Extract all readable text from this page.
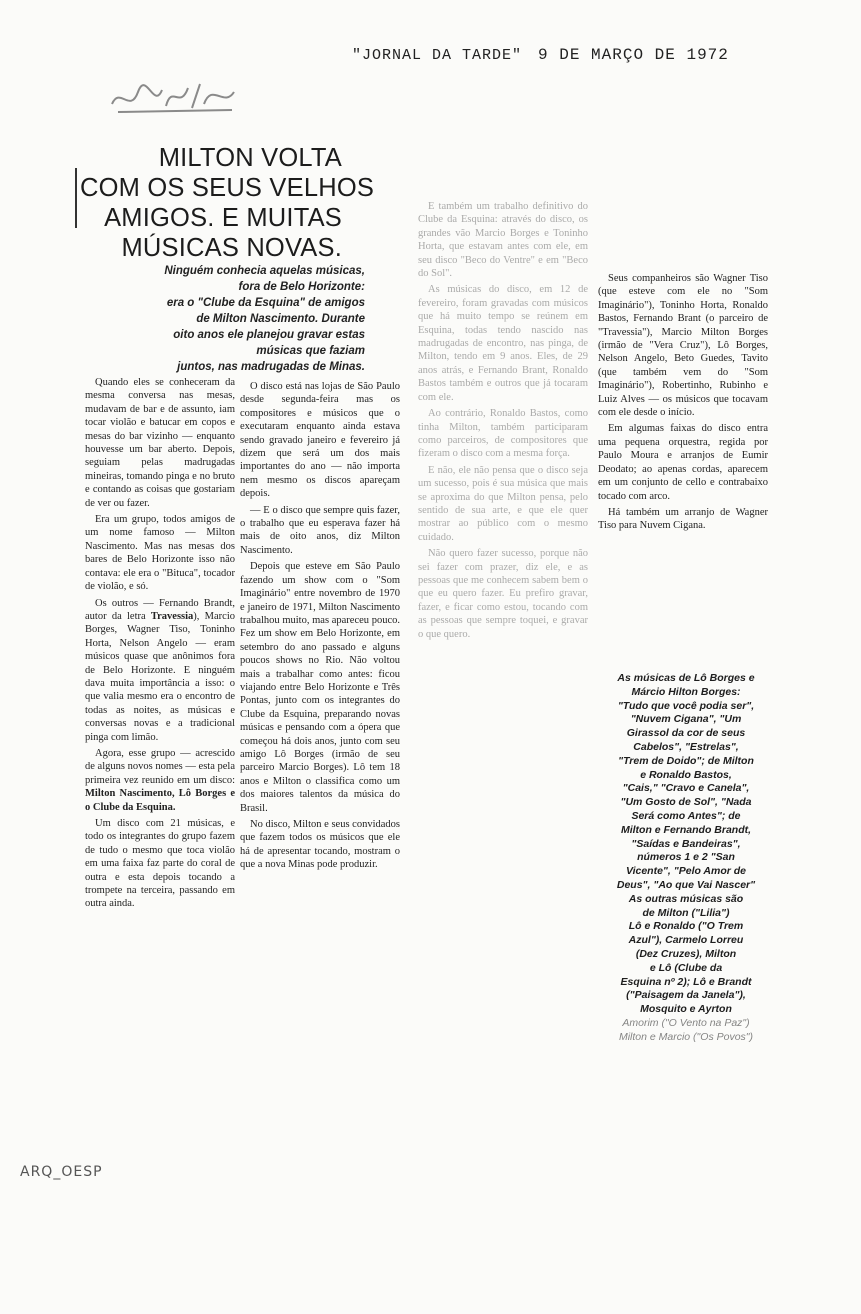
"JORNAL DA TARDE" 9 DE MARÇO DE 1972
MILTON VOLTA
COM OS SEUS VELHOS
AMIGOS. E MUITAS
MÚSICAS NOVAS.
Ninguém conhecia aquelas músicas,
fora de Belo Horizonte:
era o "Clube da Esquina" de amigos
de Milton Nascimento. Durante
oito anos ele planejou gravar estas
músicas que faziam
juntos, nas madrugadas de Minas.

Quando eles se conheceram da mesma conversa nas mesas, mudavam de bar e de assunto, iam tocar violão e batucar em copos e mesas do bar vizinho — enquanto houvesse um bar aberto. Depois, seguiam pelas madrugadas mineiras, tomando pinga e no bruto e contando as coisas que gostariam de ver ou fazer.

Era um grupo, todos amigos de um nome famoso — Milton Nascimento. Mas nas mesas dos bares de Belo Horizonte isso não contava: ele era o "Bituca", tocador de violão, e só.

Os outros — Fernando Brandt, autor da letra Travessia), Marcio Borges, Wagner Tiso, Toninho Horta, Nelson Angelo — eram músicos quase que anônimos fora de Belo Horizonte. E ninguém dava muita importância a isso: o que valia mesmo era o encontro de todas as noites, as músicas e conversas novas e a tradicional pinga com limão.

Agora, esse grupo — acrescido de alguns novos nomes — esta pela primeira vez reunido em um disco: Milton Nascimento, Lô Borges e o Clube da Esquina.

Um disco com 21 músicas, e todo os integrantes do grupo fazem de tudo o mesmo que toca violão em uma faixa faz parte do coral de outra e esta depois tocando a trompete na terceira, passando em outra ainda.

O disco está nas lojas de São Paulo desde segunda-feira mas os compositores e músicos que o executaram enquanto ainda estava sendo gravado janeiro e fevereiro já dizem que será um dos mais importantes do ano — não importa nem mesmo os discos apareçam depois.

— E o disco que sempre quis fazer, o trabalho que eu esperava fazer há mais de oito anos, diz Milton Nascimento.

Depois que esteve em São Paulo fazendo um show com o "Som Imaginário" entre novembro de 1970 e janeiro de 1971, Milton Nascimento trabalhou muito, mas apareceu pouco. Fez um show em Belo Horizonte, em setembro do ano passado e alguns poucos shows no Rio. Não voltou mais a trabalhar como antes: ficou viajando entre Belo Horizonte e Três Pontas, junto com os integrantes do Clube da Esquina, preparando novas músicas e pensando com a ópera que começou há dois anos, junto com seu amigo Lô Borges (irmão de seu parceiro Marcio Borges). Lô tem 18 anos e Milton o classifica como um dos maiores talentos da música do Brasil.

No disco, Milton e seus convidados que fazem todos os músicos que ele há de apresentar tocando, mostram o que a nova Minas pode produzir.

E também um trabalho definitivo do Clube da Esquina: através do disco, os grandes vão Marcio Borges e Toninho Horta, que estavam antes com ele, em seu disco "Beco do Ventre" e em "Beco do Sol".

As músicas do disco, em 12 de fevereiro, foram gravadas com músicos que há muito tempo se reúnem em Esquina, todas tendo nascido nas madrugadas de encontro, nas pinga, de Milton, tendo em 9 anos. Eles, de 29 anos atrás, e Fernando Brant, Ronaldo Bastos também e outros que já tocaram com ele.

Ao contrário, Ronaldo Bastos, como tinha Milton, também participaram como parceiros, de compositores que fizeram o disco com a mesma força.

E não, ele não pensa que o disco seja um sucesso, pois é sua música que mais se aproxima do que Milton pensa, pelo sentido de sua arte, e que ele quer mostrar ao público com o mesmo cuidado.

Não quero fazer sucesso, porque não sei fazer com prazer, diz ele, e as pessoas que me conhecem sabem bem o que eu quero fazer. Eu prefiro gravar, fazer, e ficar como estou, tocando com as pessoas que sempre toquei, e gravar o que quero.

Seus companheiros são Wagner Tiso (que esteve com ele no "Som Imaginário"), Toninho Horta, Ronaldo Bastos, Fernando Brant (o parceiro de "Travessia"), Marcio Milton Borges (irmão de "Vera Cruz"), Lô Borges, Nelson Angelo, Beto Guedes, Tavito (que também vem do "Som Imaginário"), Robertinho, Rubinho e Luiz Alves — os músicos que tocavam com ele desde o início.

Em algumas faixas do disco entra uma pequena orquestra, regida por Paulo Moura e arranjos de Eumir Deodato; ao apenas cordas, aparecem em um conjunto de cello e contrabaixo tocado com arco.

Há também um arranjo de Wagner Tiso para Nuvem Cigana.

As músicas de Lô Borges e
Márcio Hilton Borges:
"Tudo que você podia ser",
"Nuvem Cigana", "Um
Girassol da cor de seus
Cabelos", "Estrelas",
"Trem de Doido"; de Milton
e Ronaldo Bastos,
"Cais," "Cravo e Canela",
"Um Gosto de Sol", "Nada
Será como Antes"; de
Milton e Fernando Brandt,
"Saídas e Bandeiras",
números 1 e 2 "San
Vicente", "Pelo Amor de
Deus", "Ao que Vai Nascer"
As outras músicas são
de Milton ("Lilia")
Lô e Ronaldo ("O Trem
Azul"), Carmelo Lorreu
(Dez Cruzes), Milton
e Lô (Clube da
Esquina nº 2); Lô e Brandt
("Paisagem da Janela"),
Mosquito e Ayrton
Amorim ("O Vento na Paz")
Milton e Marcio ("Os Povos")
ARQ_OESP
